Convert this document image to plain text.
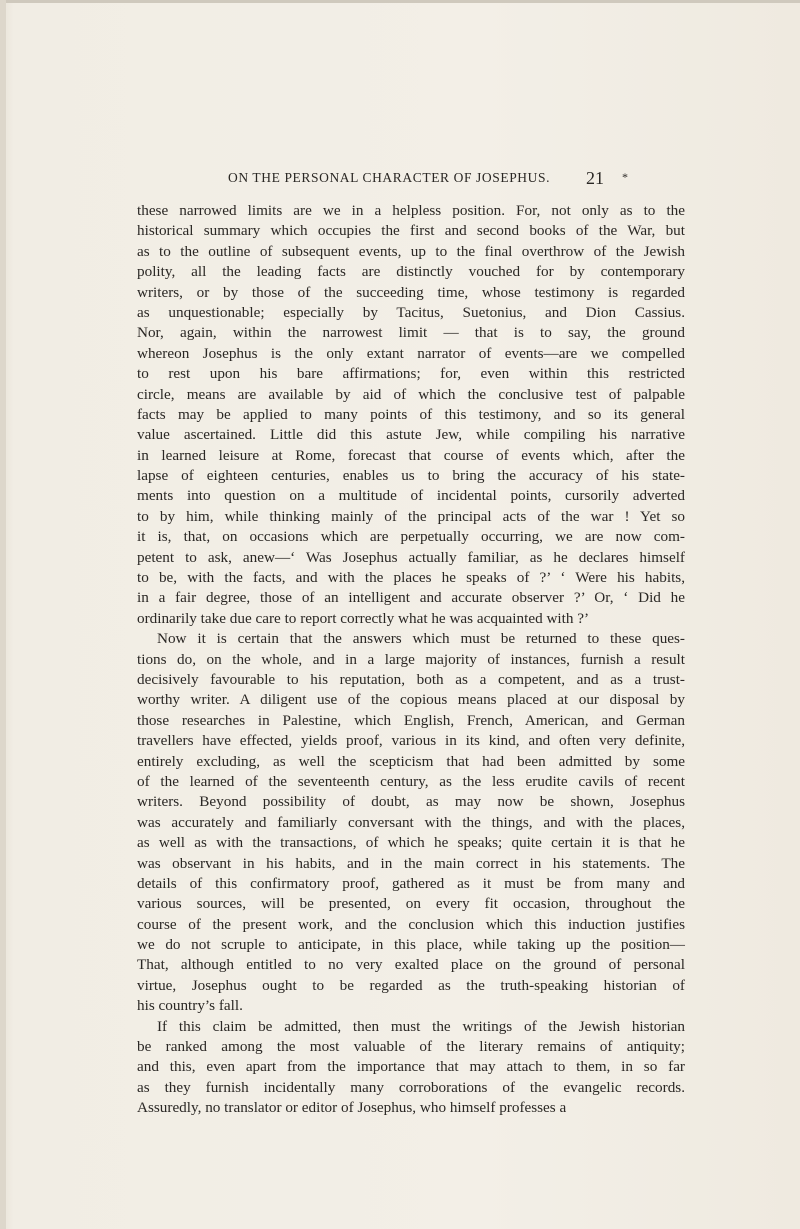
ON THE PERSONAL CHARACTER OF JOSEPHUS. 21 *
these narrowed limits are we in a helpless position. For, not only as to the
historical summary which occupies the first and second books of the War, but
as to the outline of subsequent events, up to the final overthrow of the Jewish
polity, all the leading facts are distinctly vouched for by contemporary
writers, or by those of the succeeding time, whose testimony is regarded
as unquestionable; especially by Tacitus, Suetonius, and Dion Cassius.
Nor, again, within the narrowest limit — that is to say, the ground
whereon Josephus is the only extant narrator of events—are we compelled
to rest upon his bare affirmations; for, even within this restricted
circle, means are available by aid of which the conclusive test of palpable
facts may be applied to many points of this testimony, and so its general
value ascertained. Little did this astute Jew, while compiling his narrative
in learned leisure at Rome, forecast that course of events which, after the
lapse of eighteen centuries, enables us to bring the accuracy of his state-
ments into question on a multitude of incidental points, cursorily adverted
to by him, while thinking mainly of the principal acts of the war ! Yet so
it is, that, on occasions which are perpetually occurring, we are now com-
petent to ask, anew—‘ Was Josephus actually familiar, as he declares himself
to be, with the facts, and with the places he speaks of ?’ ‘ Were his habits,
in a fair degree, those of an intelligent and accurate observer ?’ Or, ‘ Did he
ordinarily take due care to report correctly what he was acquainted with ?’
Now it is certain that the answers which must be returned to these ques-
tions do, on the whole, and in a large majority of instances, furnish a result
decisively favourable to his reputation, both as a competent, and as a trust-
worthy writer. A diligent use of the copious means placed at our disposal by
those researches in Palestine, which English, French, American, and German
travellers have effected, yields proof, various in its kind, and often very definite,
entirely excluding, as well the scepticism that had been admitted by some
of the learned of the seventeenth century, as the less erudite cavils of recent
writers. Beyond possibility of doubt, as may now be shown, Josephus
was accurately and familiarly conversant with the things, and with the places,
as well as with the transactions, of which he speaks; quite certain it is that he
was observant in his habits, and in the main correct in his statements. The
details of this confirmatory proof, gathered as it must be from many and
various sources, will be presented, on every fit occasion, throughout the
course of the present work, and the conclusion which this induction justifies
we do not scruple to anticipate, in this place, while taking up the position—
That, although entitled to no very exalted place on the ground of personal
virtue, Josephus ought to be regarded as the truth-speaking historian of
his country’s fall.
If this claim be admitted, then must the writings of the Jewish historian
be ranked among the most valuable of the literary remains of antiquity;
and this, even apart from the importance that may attach to them, in so far
as they furnish incidentally many corroborations of the evangelic records.
Assuredly, no translator or editor of Josephus, who himself professes a
